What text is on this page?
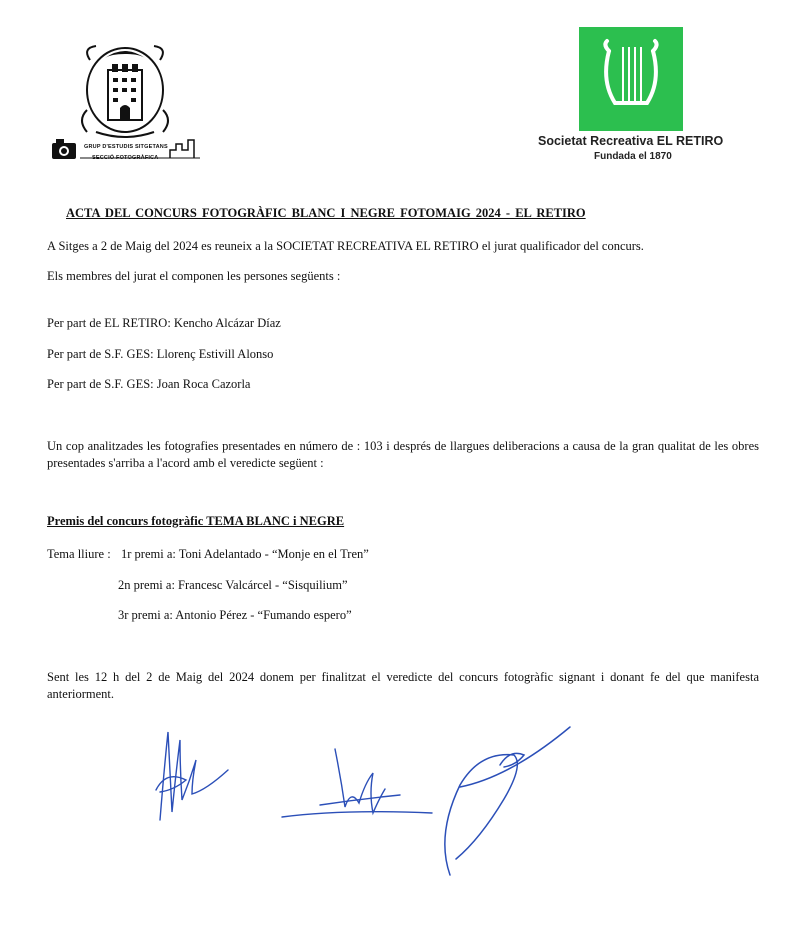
GRUP D'ESTUDIS SITGETANS
SECCIÓ FOTOGRÀFICA
Societat Recreativa EL RETIRO
Fundada el 1870
ACTA DEL CONCURS FOTOGRÀFIC BLANC I NEGRE FOTOMAIG 2024 - EL RETIRO
A Sitges a 2 de Maig del 2024 es reuneix a la SOCIETAT RECREATIVA EL RETIRO el jurat qualificador del concurs.
Els membres del jurat el componen les persones següents :
Per part de EL RETIRO: Kencho Alcázar Díaz
Per part de S.F. GES: Llorenç Estivill Alonso
Per part de S.F. GES: Joan Roca Cazorla
Un cop analitzades les fotografies presentades en número de : 103 i després de llargues deliberacions a causa de la gran qualitat de les obres presentades s'arriba a l'acord amb el veredicte següent :
Premis del concurs fotogràfic TEMA BLANC i NEGRE
Tema lliure : 1r premi a: Toni Adelantado - “Monje en el Tren”
2n premi a: Francesc Valcárcel - “Sisquilium”
3r premi a: Antonio Pérez - “Fumando espero”
Sent les 12 h del 2 de Maig del 2024 donem per finalitzat el veredicte del concurs fotogràfic signant i donant fe del que manifesta anteriorment.
